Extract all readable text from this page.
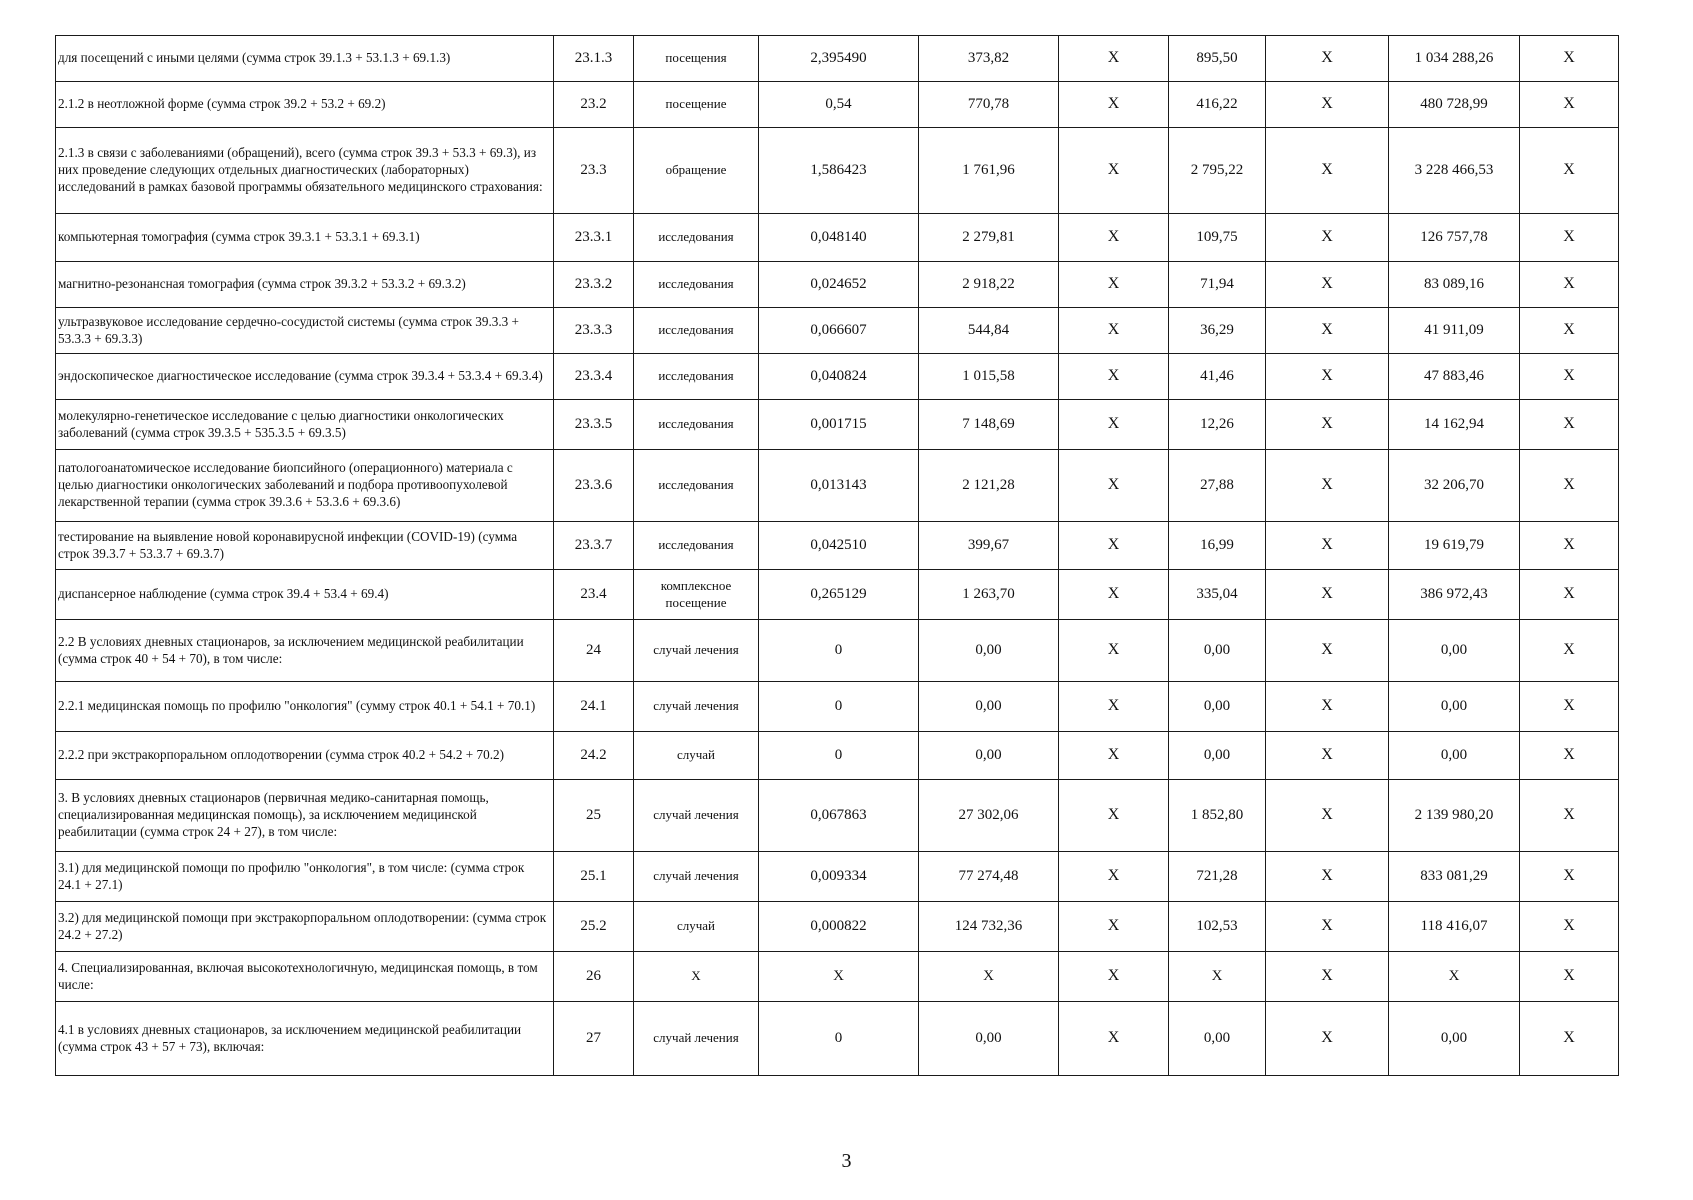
для посещений с иными целями (сумма строк 39.1.3 + 53.1.3 + 69.1.3)	23.1.3	посещения	2,395490	373,82	X	895,50	X	1 034 288,26	X
2.1.2 в неотложной форме (сумма строк 39.2 + 53.2 + 69.2)	23.2	посещение	0,54	770,78	X	416,22	X	480 728,99	X
2.1.3 в связи с заболеваниями (обращений), всего (сумма строк 39.3 + 53.3 + 69.3), из них проведение следующих отдельных диагностических (лабораторных) исследований в рамках базовой программы обязательного медицинского страхования:	23.3	обращение	1,586423	1 761,96	X	2 795,22	X	3 228 466,53	X
компьютерная томография (сумма строк 39.3.1 + 53.3.1 + 69.3.1)	23.3.1	исследования	0,048140	2 279,81	X	109,75	X	126 757,78	X
магнитно-резонансная томография (сумма строк 39.3.2 + 53.3.2 + 69.3.2)	23.3.2	исследования	0,024652	2 918,22	X	71,94	X	83 089,16	X
ультразвуковое исследование сердечно-сосудистой системы (сумма строк 39.3.3 + 53.3.3 + 69.3.3)	23.3.3	исследования	0,066607	544,84	X	36,29	X	41 911,09	X
эндоскопическое диагностическое исследование (сумма строк 39.3.4 + 53.3.4 + 69.3.4)	23.3.4	исследования	0,040824	1 015,58	X	41,46	X	47 883,46	X
молекулярно-генетическое исследование с целью диагностики онкологических заболеваний (сумма строк 39.3.5 + 535.3.5 + 69.3.5)	23.3.5	исследования	0,001715	7 148,69	X	12,26	X	14 162,94	X
патологоанатомическое исследование биопсийного (операционного) материала с целью диагностики онкологических заболеваний и подбора противоопухолевой лекарственной терапии (сумма строк 39.3.6 + 53.3.6 + 69.3.6)	23.3.6	исследования	0,013143	2 121,28	X	27,88	X	32 206,70	X
тестирование на выявление новой коронавирусной инфекции (COVID-19) (сумма строк 39.3.7 + 53.3.7 + 69.3.7)	23.3.7	исследования	0,042510	399,67	X	16,99	X	19 619,79	X
диспансерное наблюдение (сумма строк 39.4 + 53.4 + 69.4)	23.4	комплексное посещение	0,265129	1 263,70	X	335,04	X	386 972,43	X
2.2 В условиях дневных стационаров, за исключением медицинской реабилитации (сумма строк 40 + 54 + 70), в том числе:	24	случай лечения	0	0,00	X	0,00	X	0,00	X
2.2.1 медицинская помощь по профилю "онкология" (сумму строк 40.1 + 54.1 + 70.1)	24.1	случай лечения	0	0,00	X	0,00	X	0,00	X
2.2.2 при экстракорпоральном оплодотворении (сумма строк 40.2 + 54.2 + 70.2)	24.2	случай	0	0,00	X	0,00	X	0,00	X
3. В условиях дневных стационаров (первичная медико-санитарная помощь, специализированная медицинская помощь), за исключением медицинской реабилитации (сумма строк 24 + 27), в том числе:	25	случай лечения	0,067863	27 302,06	X	1 852,80	X	2 139 980,20	X
3.1) для медицинской помощи по профилю "онкология", в том числе: (сумма строк 24.1 + 27.1)	25.1	случай лечения	0,009334	77 274,48	X	721,28	X	833 081,29	X
3.2) для медицинской помощи при экстракорпоральном оплодотворении: (сумма строк 24.2 + 27.2)	25.2	случай	0,000822	124 732,36	X	102,53	X	118 416,07	X
4. Специализированная, включая высокотехнологичную, медицинская помощь, в том числе:	26	X	X	X	X	X	X	X	X
4.1 в условиях дневных стационаров, за исключением медицинской реабилитации (сумма строк 43 + 57 + 73), включая:	27	случай лечения	0	0,00	X	0,00	X	0,00	X
3
